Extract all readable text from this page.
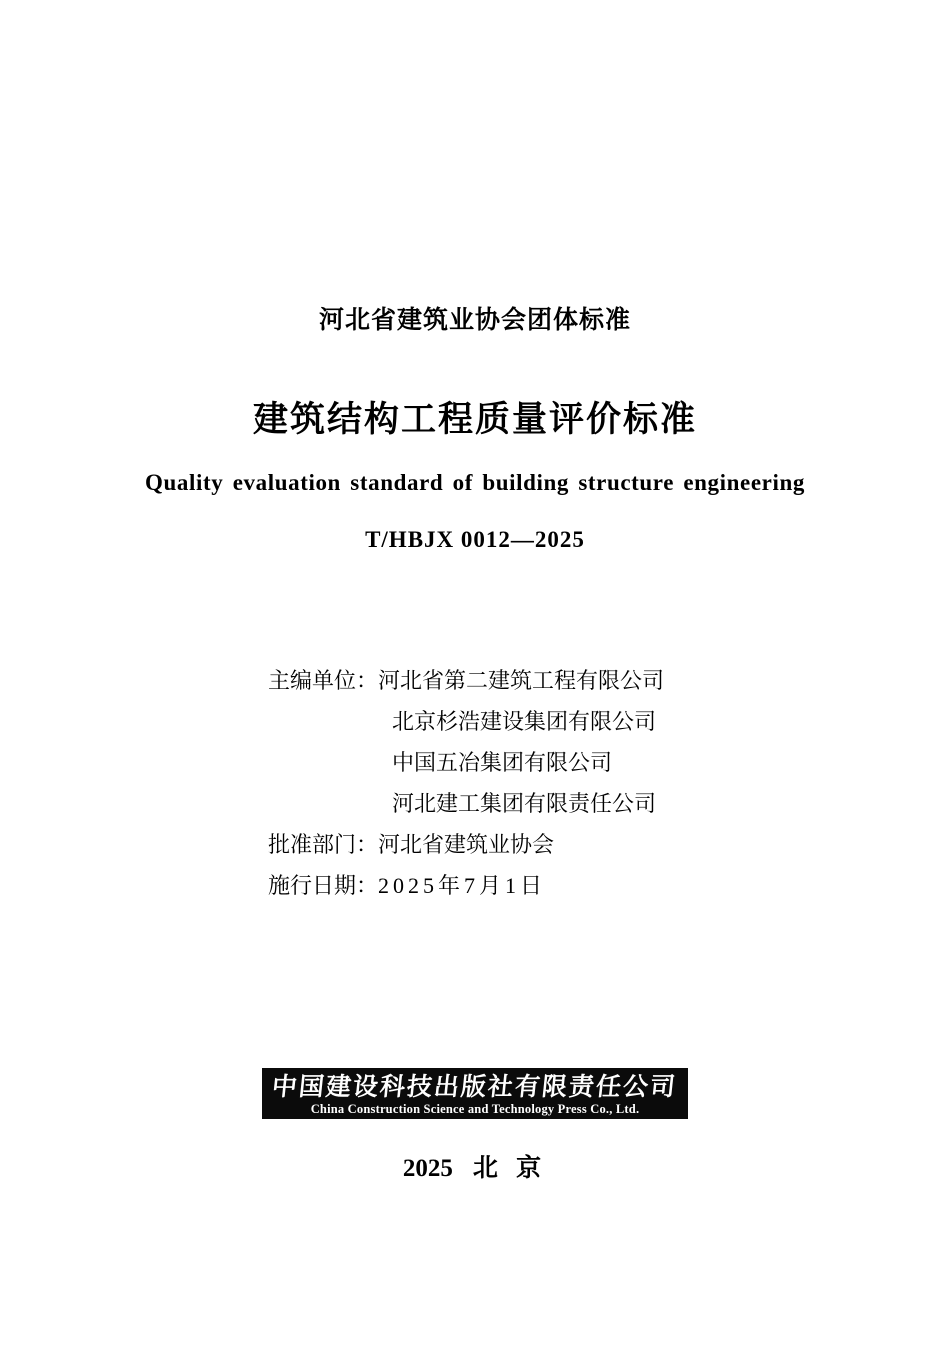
河北省建筑业协会团体标准
建筑结构工程质量评价标准
Quality evaluation standard of building structure engineering
T/HBJX 0012—2025
主编单位：河北省第二建筑工程有限公司
北京杉浩建设集团有限公司
中国五冶集团有限公司
河北建工集团有限责任公司
批准部门：河北省建筑业协会
施行日期：2025年7月1日
中国建设科技出版社有限责任公司
China Construction Science and Technology Press Co., Ltd.
2025 北 京
